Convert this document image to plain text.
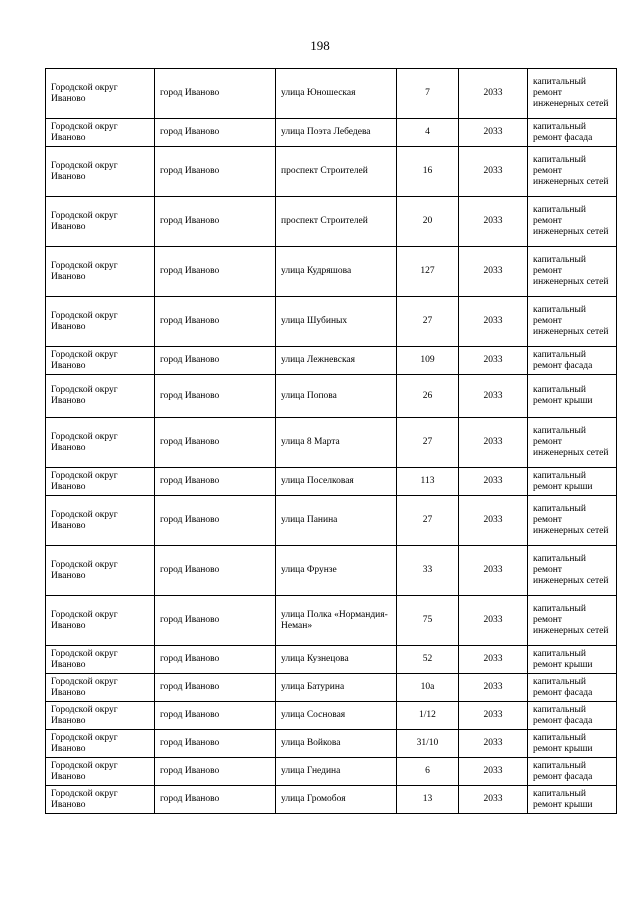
198
Городской округ Иваново	город Иваново	улица Юношеская	7	2033	капитальный ремонт инженерных сетей
Городской округ Иваново	город Иваново	улица Поэта Лебедева	4	2033	капитальный ремонт фасада
Городской округ Иваново	город Иваново	проспект Строителей	16	2033	капитальный ремонт инженерных сетей
Городской округ Иваново	город Иваново	проспект Строителей	20	2033	капитальный ремонт инженерных сетей
Городской округ Иваново	город Иваново	улица Кудряшова	127	2033	капитальный ремонт инженерных сетей
Городской округ Иваново	город Иваново	улица Шубиных	27	2033	капитальный ремонт инженерных сетей
Городской округ Иваново	город Иваново	улица Лежневская	109	2033	капитальный ремонт фасада
Городской округ Иваново	город Иваново	улица Попова	26	2033	капитальный ремонт крыши
Городской округ Иваново	город Иваново	улица 8 Марта	27	2033	капитальный ремонт инженерных сетей
Городской округ Иваново	город Иваново	улица Поселковая	113	2033	капитальный ремонт крыши
Городской округ Иваново	город Иваново	улица Панина	27	2033	капитальный ремонт инженерных сетей
Городской округ Иваново	город Иваново	улица Фрунзе	33	2033	капитальный ремонт инженерных сетей
Городской округ Иваново	город Иваново	улица Полка «Нормандия-Неман»	75	2033	капитальный ремонт инженерных сетей
Городской округ Иваново	город Иваново	улица Кузнецова	52	2033	капитальный ремонт крыши
Городской округ Иваново	город Иваново	улица Батурина	10а	2033	капитальный ремонт фасада
Городской округ Иваново	город Иваново	улица Сосновая	1/12	2033	капитальный ремонт фасада
Городской округ Иваново	город Иваново	улица Войкова	31/10	2033	капитальный ремонт крыши
Городской округ Иваново	город Иваново	улица Гнедина	6	2033	капитальный ремонт фасада
Городской округ Иваново	город Иваново	улица Громобоя	13	2033	капитальный ремонт крыши
